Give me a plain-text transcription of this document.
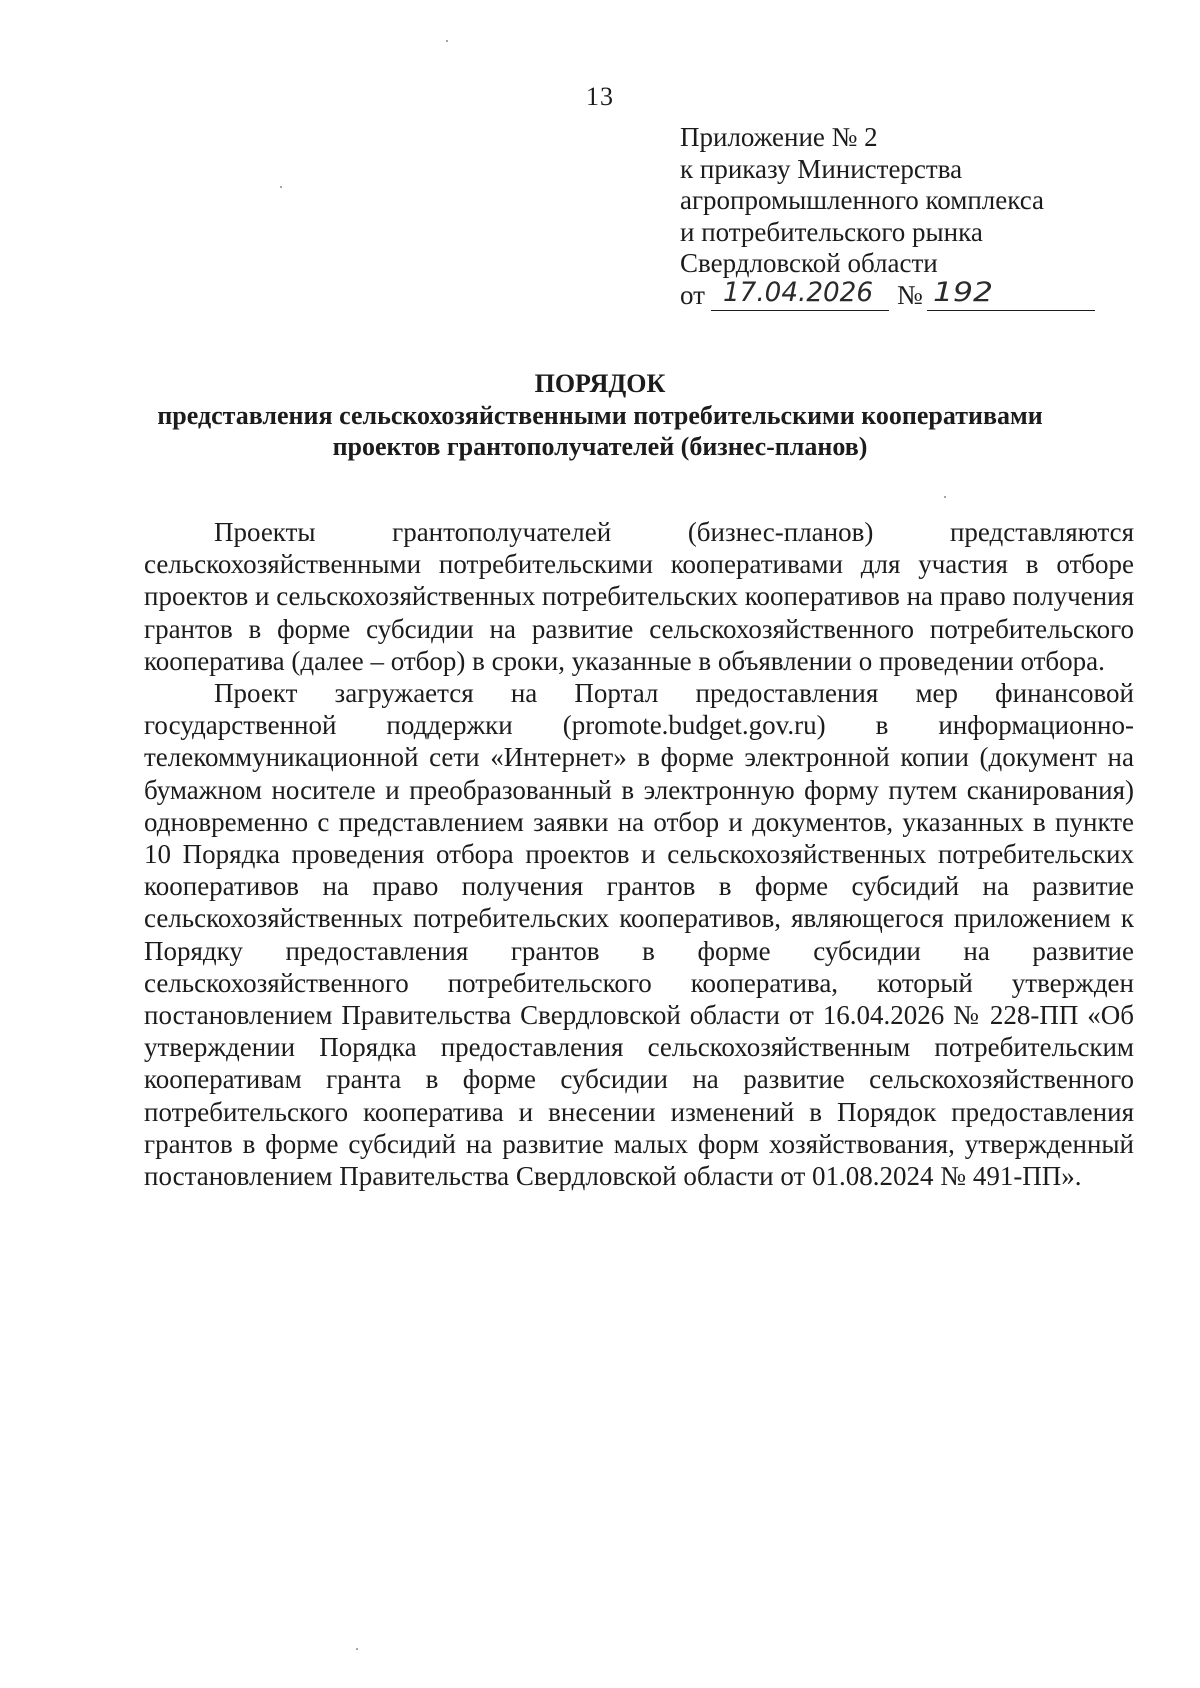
13
Приложение № 2
к приказу Министерства
агропромышленного комплекса
и потребительского рынка
Свердловской области
от 17.04.2026 № 192
ПОРЯДОК
представления сельскохозяйственными потребительскими кооперативами
проектов грантополучателей (бизнес-планов)

Проекты грантополучателей (бизнес-планов) представляются сельскохозяйственными потребительскими кооперативами для участия в отборе проектов и сельскохозяйственных потребительских кооперативов на право получения грантов в форме субсидии на развитие сельскохозяйственного потребительского кооператива (далее – отбор) в сроки, указанные в объявлении о проведении отбора.

Проект загружается на Портал предоставления мер финансовой государственной поддержки (promote.budget.gov.ru) в информационно-телекоммуникационной сети «Интернет» в форме электронной копии (документ на бумажном носителе и преобразованный в электронную форму путем сканирования) одновременно с представлением заявки на отбор и документов, указанных в пункте 10 Порядка проведения отбора проектов и сельскохозяйственных потребительских кооперативов на право получения грантов в форме субсидий на развитие сельскохозяйственных потребительских кооперативов, являющегося приложением к Порядку предоставления грантов в форме субсидии на развитие сельскохозяйственного потребительского кооператива, который утвержден постановлением Правительства Свердловской области от 16.04.2026 № 228-ПП «Об утверждении Порядка предоставления сельскохозяйственным потребительским кооперативам гранта в форме субсидии на развитие сельскохозяйственного потребительского кооператива и внесении изменений в Порядок предоставления грантов в форме субсидий на развитие малых форм хозяйствования, утвержденный постановлением Правительства Свердловской области от 01.08.2024 № 491-ПП».
